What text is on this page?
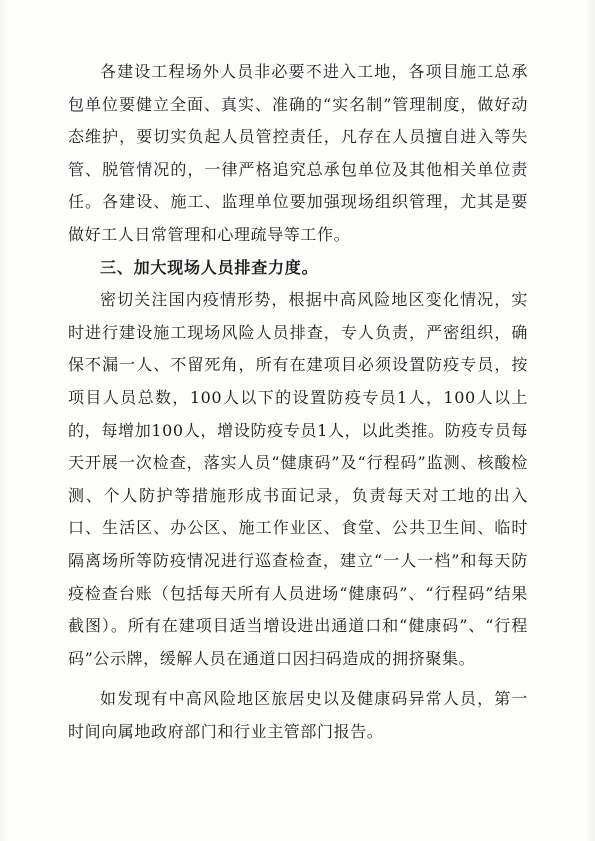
各建设工程场外人员非必要不进入工地，各项目施工总承包单位要健立全面、真实、准确的“实名制”管理制度，做好动态维护，要切实负起人员管控责任，凡存在人员擅自进入等失管、脱管情况的，一律严格追究总承包单位及其他相关单位责任。各建设、施工、监理单位要加强现场组织管理，尤其是要做好工人日常管理和心理疏导等工作。

三、加大现场人员排查力度。

密切关注国内疫情形势，根据中高风险地区变化情况，实时进行建设施工现场风险人员排查，专人负责，严密组织，确保不漏一人、不留死角，所有在建项目必须设置防疫专员，按项目人员总数，100人以下的设置防疫专员1人，100人以上的，每增加100人，增设防疫专员1人，以此类推。防疫专员每天开展一次检查，落实人员“健康码”及“行程码”监测、核酸检测、个人防护等措施形成书面记录，负责每天对工地的出入口、生活区、办公区、施工作业区、食堂、公共卫生间、临时隔离场所等防疫情况进行巡查检查，建立“一人一档”和每天防疫检查台账（包括每天所有人员进场“健康码”、“行程码”结果截图）。所有在建项目适当增设进出通道口和“健康码”、“行程码”公示牌，缓解人员在通道口因扫码造成的拥挤聚集。

如发现有中高风险地区旅居史以及健康码异常人员，第一时间向属地政府部门和行业主管部门报告。
